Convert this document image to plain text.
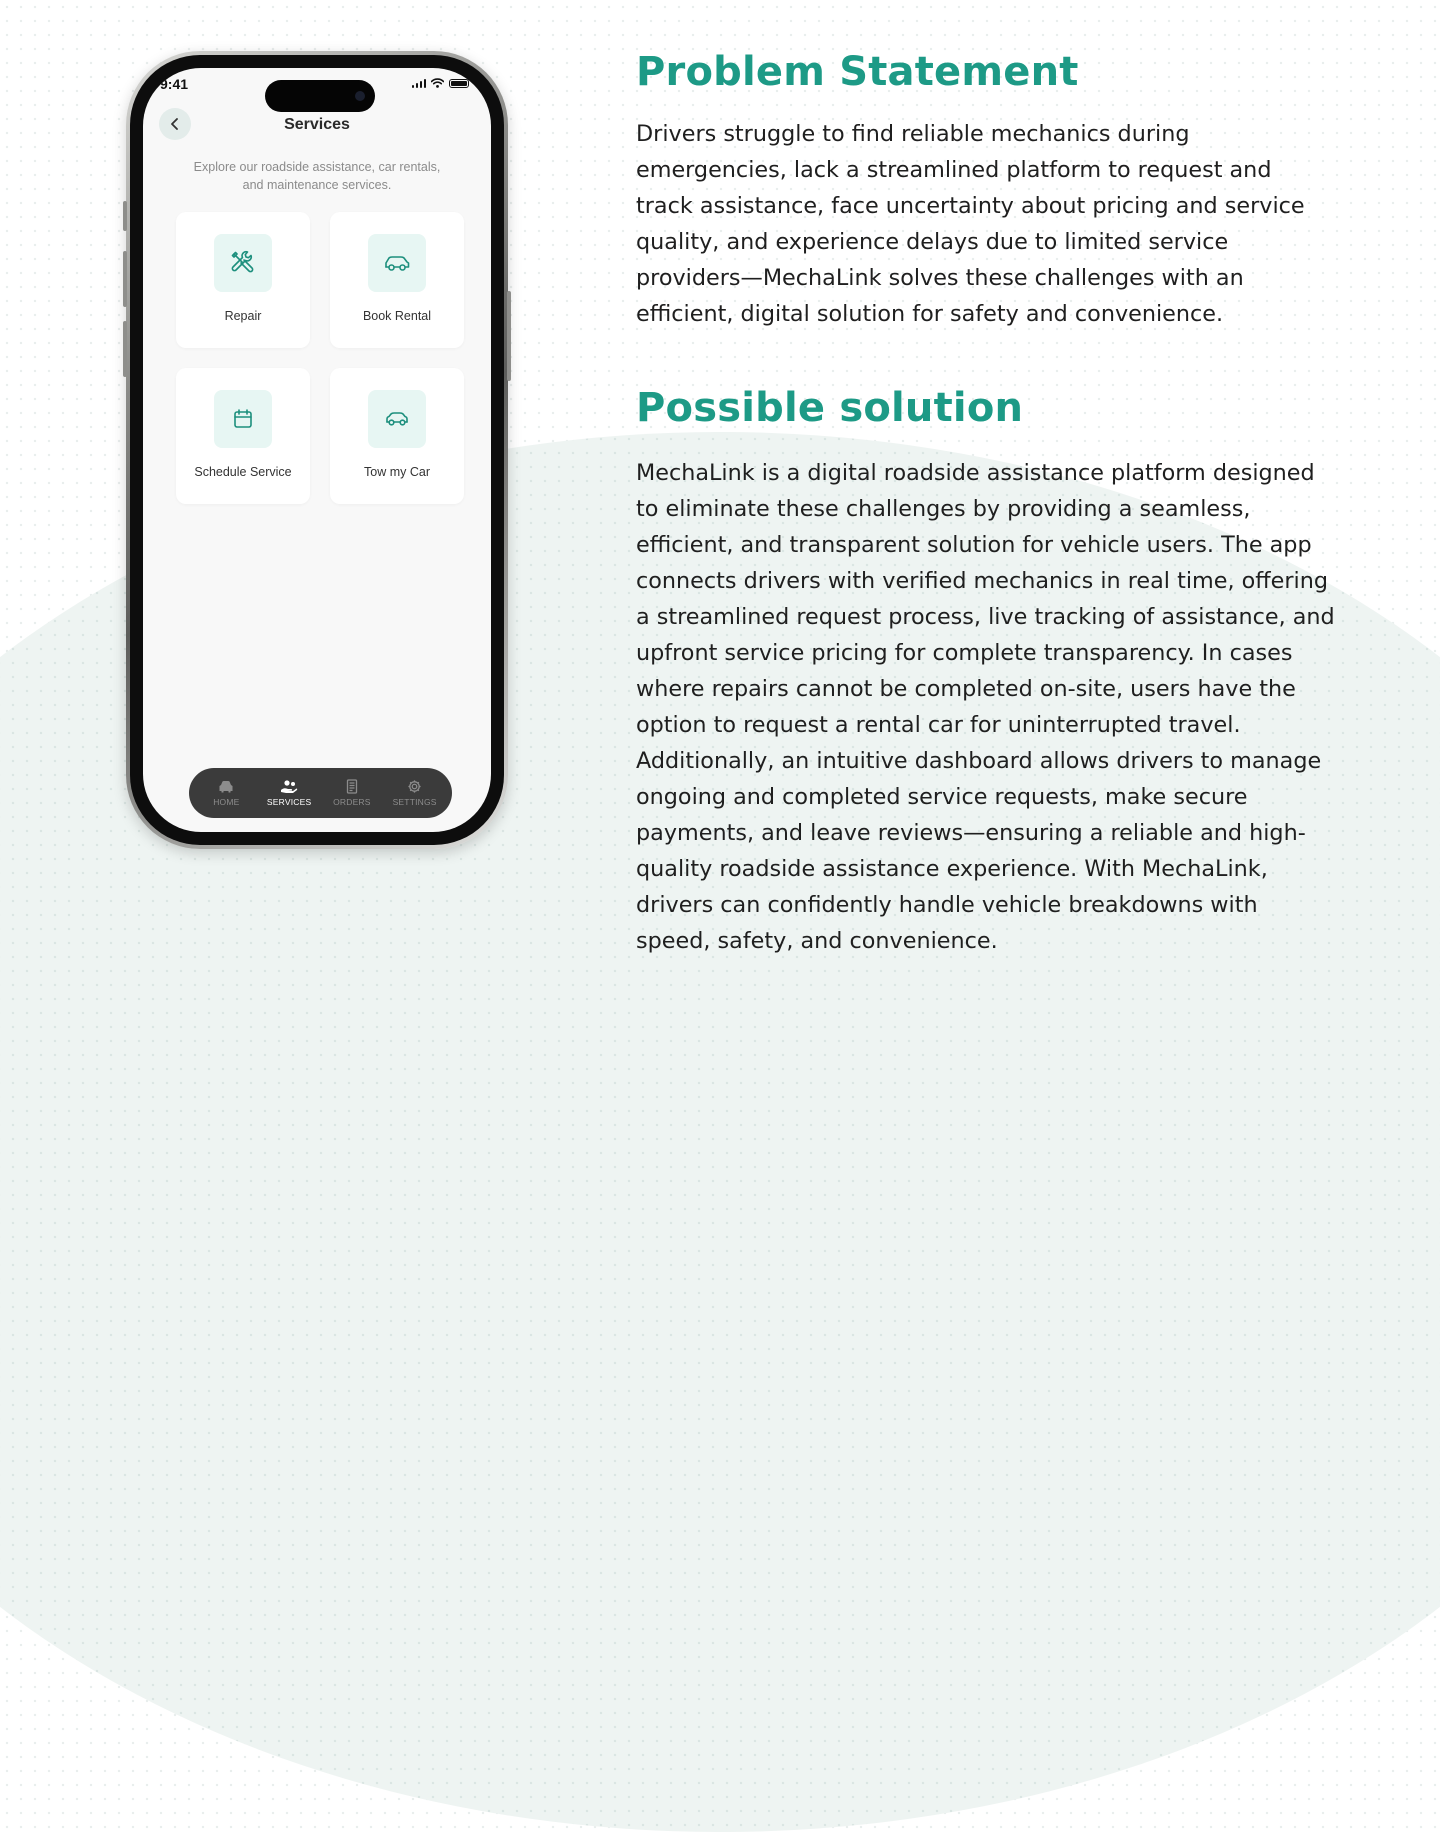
9:41
Services
Explore our roadside assistance, car rentals, and maintenance services.
Repair	Book Rental
Schedule Service	Tow my Car
HOME	SERVICES	ORDERS	SETTINGS
Problem Statement

Drivers struggle to find reliable mechanics during emergencies, lack a streamlined platform to request and track assistance, face uncertainty about pricing and service quality, and experience delays due to limited service providers—MechaLink solves these challenges with an efficient, digital solution for safety and convenience.

Possible solution

MechaLink is a digital roadside assistance platform designed to eliminate these challenges by providing a seamless, efficient, and transparent solution for vehicle users. The app connects drivers with verified mechanics in real time, offering a streamlined request process, live tracking of assistance, and upfront service pricing for complete transparency. In cases where repairs cannot be completed on-site, users have the option to request a rental car for uninterrupted travel. Additionally, an intuitive dashboard allows drivers to manage ongoing and completed service requests, make secure payments, and leave reviews—ensuring a reliable and high-quality roadside assistance experience. With MechaLink, drivers can confidently handle vehicle breakdowns with speed, safety, and convenience.
